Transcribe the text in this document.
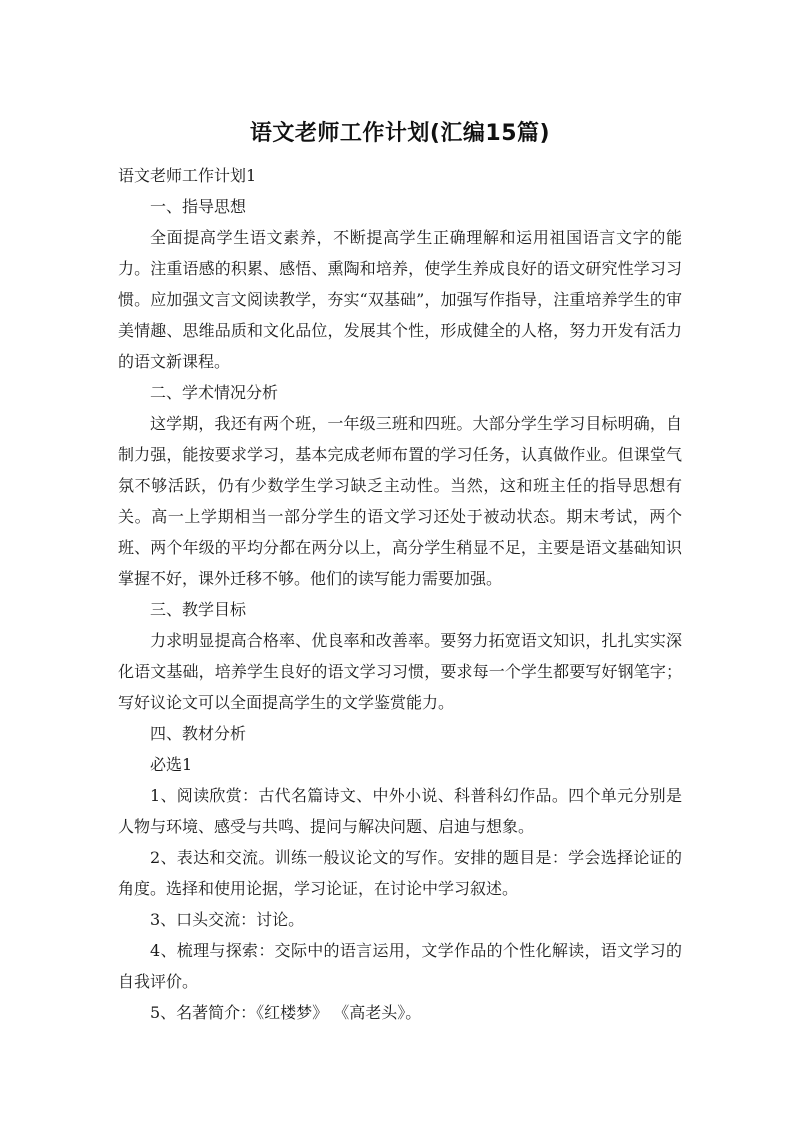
语文老师工作计划(汇编15篇)

语文老师工作计划1

一、指导思想

全面提高学生语文素养，不断提高学生正确理解和运用祖国语言文字的能力。注重语感的积累、感悟、熏陶和培养，使学生养成良好的语文研究性学习习惯。应加强文言文阅读教学，夯实“双基础”，加强写作指导，注重培养学生的审美情趣、思维品质和文化品位，发展其个性，形成健全的人格，努力开发有活力的语文新课程。

二、学术情况分析

这学期，我还有两个班，一年级三班和四班。大部分学生学习目标明确，自制力强，能按要求学习，基本完成老师布置的学习任务，认真做作业。但课堂气氛不够活跃，仍有少数学生学习缺乏主动性。当然，这和班主任的指导思想有关。高一上学期相当一部分学生的语文学习还处于被动状态。期末考试，两个班、两个年级的平均分都在两分以上，高分学生稍显不足，主要是语文基础知识掌握不好，课外迁移不够。他们的读写能力需要加强。

三、教学目标

力求明显提高合格率、优良率和改善率。要努力拓宽语文知识，扎扎实实深化语文基础，培养学生良好的语文学习习惯，要求每一个学生都要写好钢笔字；写好议论文可以全面提高学生的文学鉴赏能力。

四、教材分析

必选1

1、阅读欣赏：古代名篇诗文、中外小说、科普科幻作品。四个单元分别是人物与环境、感受与共鸣、提问与解决问题、启迪与想象。

2、表达和交流。训练一般议论文的写作。安排的题目是：学会选择论证的角度。选择和使用论据，学习论证，在讨论中学习叙述。

3、口头交流：讨论。

4、梳理与探索：交际中的语言运用，文学作品的个性化解读，语文学习的自我评价。

5、名著简介：《红楼梦》 《高老头》。
